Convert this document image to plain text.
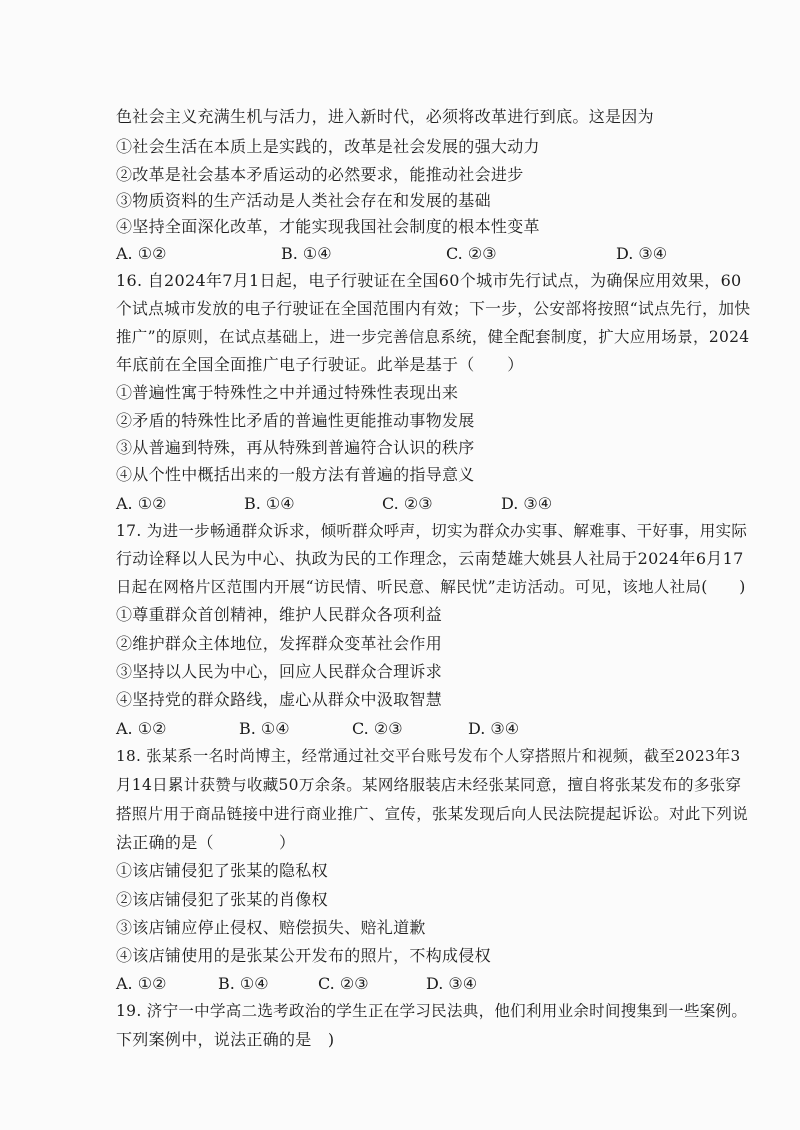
色社会主义充满生机与活力，进入新时代，必须将改革进行到底。这是因为
①社会生活在本质上是实践的，改革是社会发展的强大动力
②改革是社会基本矛盾运动的必然要求，能推动社会进步
③物质资料的生产活动是人类社会存在和发展的基础
④坚持全面深化改革，才能实现我国社会制度的根本性变革
A. ①②	B. ①④	C. ②③	D. ③④
16. 自2024年7月1日起，电子行驶证在全国60个城市先行试点，为确保应用效果，60
个试点城市发放的电子行驶证在全国范围内有效；下一步，公安部将按照“试点先行，加快
推广”的原则，在试点基础上，进一步完善信息系统，健全配套制度，扩大应用场景，2024
年底前在全国全面推广电子行驶证。此举是基于（　　）
①普遍性寓于特殊性之中并通过特殊性表现出来
②矛盾的特殊性比矛盾的普遍性更能推动事物发展
③从普遍到特殊，再从特殊到普遍符合认识的秩序
④从个性中概括出来的一般方法有普遍的指导意义
A. ①②	B. ①④	C. ②③	D. ③④
17. 为进一步畅通群众诉求，倾听群众呼声，切实为群众办实事、解难事、干好事，用实际
行动诠释以人民为中心、执政为民的工作理念，云南楚雄大姚县人社局于2024年6月17
日起在网格片区范围内开展“访民情、听民意、解民忧”走访活动。可见，该地人社局(　　)
①尊重群众首创精神，维护人民群众各项利益
②维护群众主体地位，发挥群众变革社会作用
③坚持以人民为中心，回应人民群众合理诉求
④坚持党的群众路线，虚心从群众中汲取智慧
A. ①②	B. ①④	C. ②③	D. ③④
18. 张某系一名时尚博主，经常通过社交平台账号发布个人穿搭照片和视频，截至2023年3
月14日累计获赞与收藏50万余条。某网络服装店未经张某同意，擅自将张某发布的多张穿
搭照片用于商品链接中进行商业推广、宣传，张某发现后向人民法院提起诉讼。对此下列说
法正确的是（　　　　）
①该店铺侵犯了张某的隐私权
②该店铺侵犯了张某的肖像权
③该店铺应停止侵权、赔偿损失、赔礼道歉
④该店铺使用的是张某公开发布的照片，不构成侵权
A. ①②	B. ①④	C. ②③	D. ③④
19. 济宁一中学高二选考政治的学生正在学习民法典，他们利用业余时间搜集到一些案例。
下列案例中，说法正确的是　)
